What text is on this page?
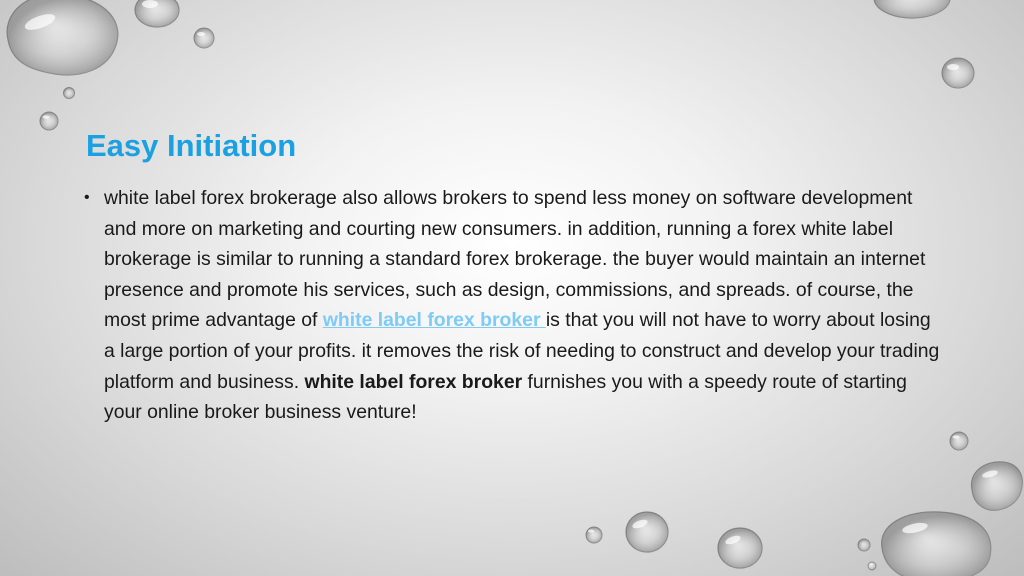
Easy Initiation
• white label forex brokerage also allows brokers to spend less money on software development and more on marketing and courting new consumers. in addition, running a forex white label brokerage is similar to running a standard forex brokerage. the buyer would maintain an internet presence and promote his services, such as design, commissions, and spreads. of course, the most prime advantage of white label forex broker is that you will not have to worry about losing a large portion of your profits. it removes the risk of needing to construct and develop your trading platform and business. white label forex broker furnishes you with a speedy route of starting your online broker business venture!
